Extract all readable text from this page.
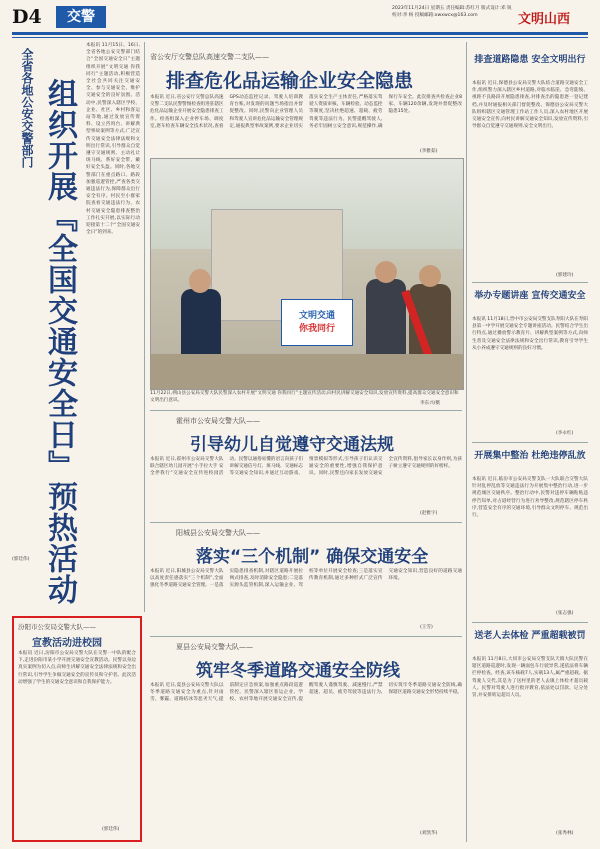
D4	交警
2023年11月24日 星期五 责任编辑:苏红月 版式设计:邓 锐 校对:李 杨 投稿邮箱:xwxwcx@163.com	文明山西
全省各地公安交警部门 组织开展『全国交通安全日』预热活动
本报讯 11月15日、16日,全省各地公安交警部门结合“全国交通安全日”主题组织开展“文明交通 你我同行”主题活动,积极营造全社会共同关注交通安全、参与交通安全、维护交通安全的良好氛围。活动中,民警深入辖区学校、企业、社区、乡村和客运站等地,通过发放宣传资料、设立咨询台、讲解典型事故案例等方式,广泛宣传交通安全法律法规和文明出行常识,引导群众自觉遵守交通规则、主动礼让斑马线、系好安全带、戴好安全头盔。同时,各地交警部门在重点路口、路段加强巡逻管控,严查各类交通违法行为,保障群众出行安全有序。村民至小群家院查看交通违法行为、农村交通安全隐患排查整治工作扎实开展,以实际行动迎接第十二个“全国交通安全日”的到来。
(郭廷伟)
省公安厅交警总队高速交警二支队——
排查危化品运输企业安全隐患
本报讯 近日,省公安厅交警总队高速交警二支队民警警惕检查组进驻辖区危化品运输企业开展安全隐患排查工作。检查组深入企业停车场、调度室,逐车检查车辆安全技术状况,查看GPS动态监控记录、驾驶人培训教育台账,对发现的问题当场指出并督促整改。同时,民警向企业管理人员和驾驶人宣讲危化品运输安全管理规定,通报典型事故案例,要求企业切实落实安全生产主体责任,严格落实驾驶人资质审核、车辆检验、动态监控等制度,坚决杜绝超速、超载、疲劳驾驶等违法行为。民警提醒驾驶人,务必牢固树立安全意识,规范操作,确保行车安全。此次排查共检查企业8家、车辆120余辆,发现并督促整改隐患15处。
(李雅茹)
文明交通
你我同行
11月22日,朔山县公安局交警大队民警深入农村开展“文明交通 你我同行”主题宣传活动,向村民讲解交通安全知识,发放宣传资料,提高群众交通安全意识和文明出行意识。
李东兴/摄
霍州市公安局交警大队——
引导幼儿自觉遵守交通法规
本报讯 近日,霍州市公安局交警大队联合辖区幼儿园开展“小手拉大手 安全伴我行”交通安全宣传进校园活动。民警以通俗易懂的语言向孩子们讲解交通信号灯、斑马线、交通标志等交通安全知识,并通过互动游戏、情景模拟等形式,引导孩子们认识交通安全的重要性,增强自我保护意识。同时,民警还向家长发放交通安全宣传资料,倡导家长以身作则,为孩子树立遵守交通规则的好榜样。
(赵雅宇)
阳城县公安局交警大队——
落实“三个机制” 确保交通安全
本报讯 近日,阳城县公安局交警大队以高度责任感落实“三个机制”,全面强化冬季道路交通安全管理。一是落实隐患排查机制,对辖区道路开展拉网式排查,及时消除安全隐患;二是落实源头监管机制,深入运输企业、驾校等单位开展安全检查;三是落实宣传教育机制,通过多种形式广泛宣传交通安全知识,营造良好的道路交通环境。
(王雪)
汾阳市公安局交警大队——
宣教活动进校园
本报讯 近日,汾阳市公安局交警大队在交警一中队的配合下,走进汾阳市某小学开展交通安全宣教活动。民警以身边真实案例为切入点,向师生讲解交通安全法律法规和安全出行常识,引导学生争做交通安全的宣传员和守护者。此次活动增强了学生的交通安全意识和自我保护能力。
(郭廷伟)
夏县公安局交警大队——
筑牢冬季道路交通安全防线
本报讯 近日,夏县公安局交警大队以冬季道路交通安全为重点,针对雨雪、雾霾、道路结冰等恶劣天气,提前制定应急预案,加强重点路段巡逻管控。民警深入辖区客运企业、学校、农村等地开展交通安全宣传,提醒驾驶人谨慎驾驶、减速慢行,严禁超速、超员、疲劳驾驶等违法行为,切实筑牢冬季道路交通安全防线,确保辖区道路交通安全形势持续平稳。
(刘凯华)
排查道路隐患 安全文明出行
本报讯 近日,保德县公安局交警大队结合道路交通安全工作,组织警力深入辖区乡村道路,对临水临崖、急弯陡坡、视距不良路段开展隐患排查,对排查出的隐患逐一登记建档,并及时通报相关部门督促整改。保德县公安局交警大队组织辖区交通管理工作站工作人员,深入农村地区开展交通安全宣传,向村民讲解交通安全知识,发放宣传资料,引导群众自觉遵守交通规则,安全文明出行。
(郭建玲)
举办专题讲座 宣传交通安全
本报讯 11月18日,晋中市公安局交警支队寿阳大队在寿阳县第一中学开展交通安全专题讲座活动。民警结合学生出行特点,通过播放警示教育片、讲解典型案例等方式,向师生普及交通安全法律法规和安全出行常识,教育引导学生从小养成遵守交通规则的良好习惯。
(李永红)
开展集中整治 杜绝违停乱放
本报讯 近日,临汾市公安局交警支队一大队联合交警大队针对乱停乱放等交通违法行为开展集中整治行动,进一步规范城区交通秩序。整治行动中,民警对违停车辆粘贴违停告知单,对占道经营行为进行劝导整改,规范辖区停车秩序,营造安全有序的交通环境,引导群众文明停车、规范出行。
(张志强)
送老人去体检 严重超载被罚
本报讯 11月8日,大同市公安局交警支队天镇大队民警在辖区道路巡逻时,发现一辆面包车行驶异常,遂依法将车辆拦停检查。经查,该车核载7人,实载13人,属严重超载。据驾驶人交代,其是为了送村里的老人去镇上体检才超员载人。民警对驾驶人进行批评教育,依法处以罚款、记分处罚,并安排转运超员人员。
(张秀林)
